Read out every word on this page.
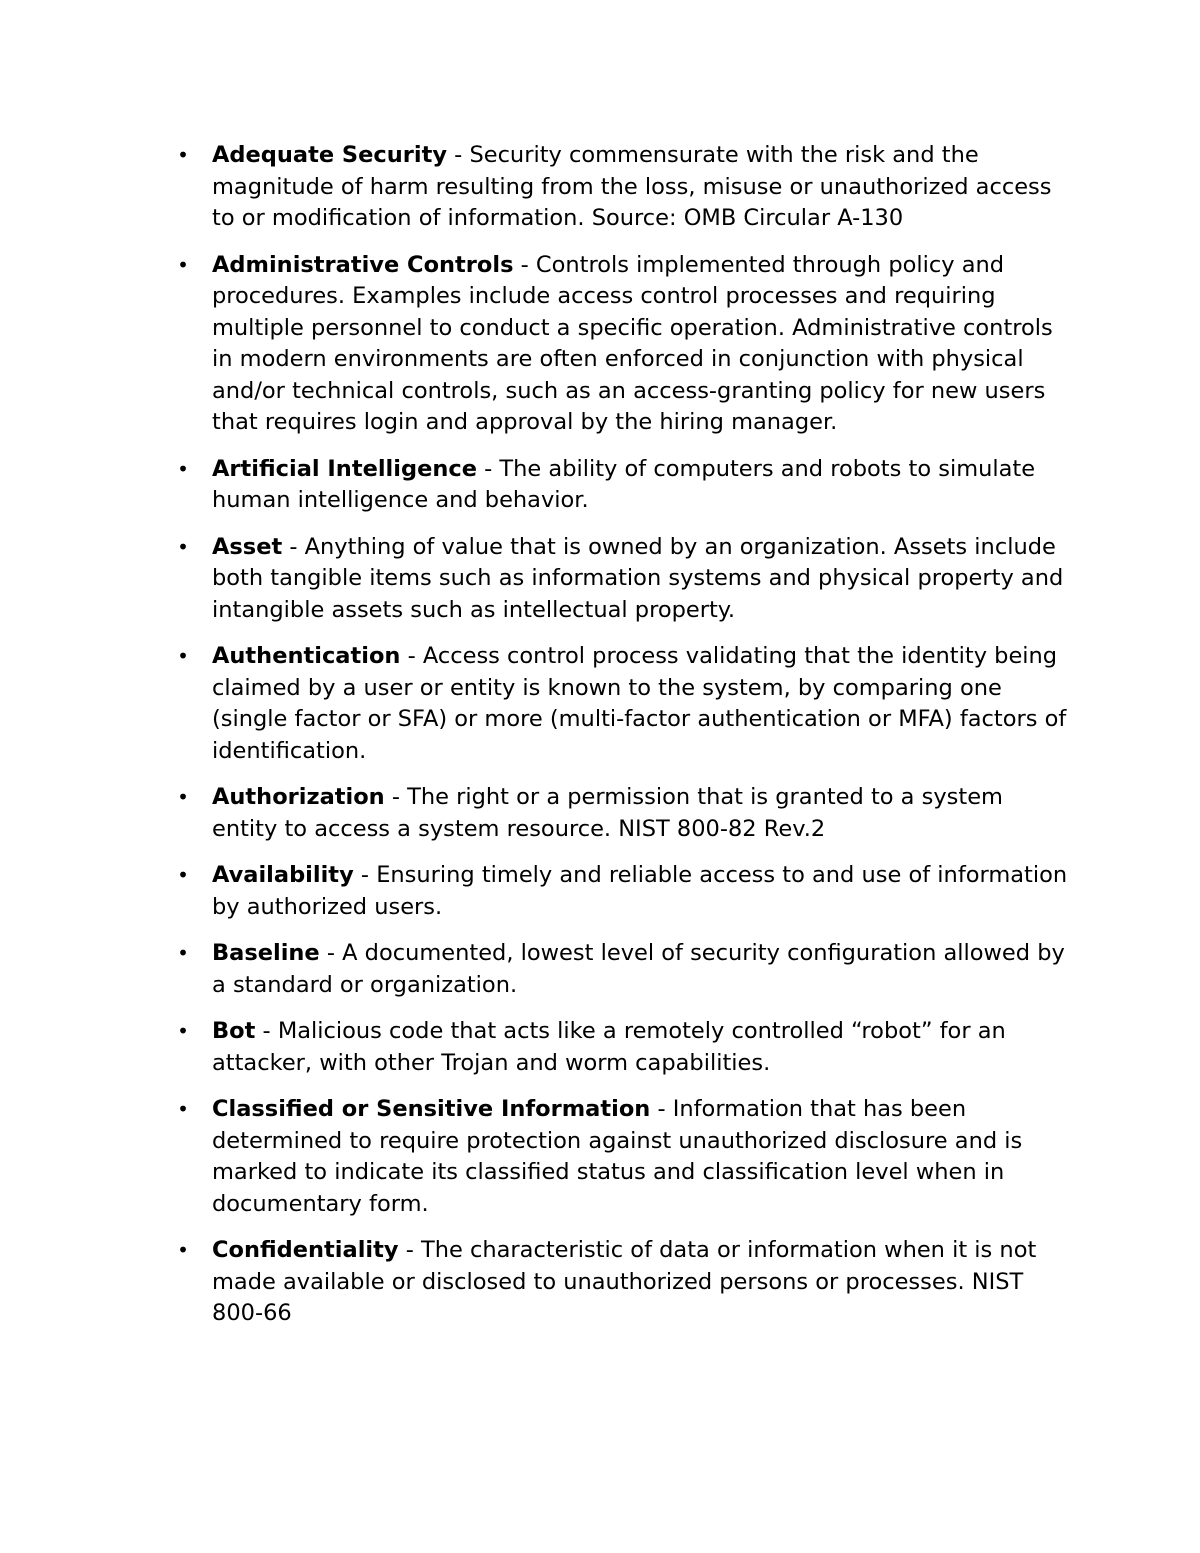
• Adequate Security - Security commensurate with the risk and the magnitude of harm resulting from the loss, misuse or unauthorized access to or modification of information. Source: OMB Circular A-130
• Administrative Controls - Controls implemented through policy and procedures. Examples include access control processes and requiring multiple personnel to conduct a specific operation. Administrative controls in modern environments are often enforced in conjunction with physical and/or technical controls, such as an access-granting policy for new users that requires login and approval by the hiring manager.
• Artificial Intelligence - The ability of computers and robots to simulate human intelligence and behavior.
• Asset - Anything of value that is owned by an organization. Assets include both tangible items such as information systems and physical property and intangible assets such as intellectual property.
• Authentication - Access control process validating that the identity being claimed by a user or entity is known to the system, by comparing one (single factor or SFA) or more (multi-factor authentication or MFA) factors of identification.
• Authorization - The right or a permission that is granted to a system entity to access a system resource. NIST 800-82 Rev.2
• Availability - Ensuring timely and reliable access to and use of information by authorized users.
• Baseline - A documented, lowest level of security configuration allowed by a standard or organization.
• Bot - Malicious code that acts like a remotely controlled “robot” for an attacker, with other Trojan and worm capabilities.
• Classified or Sensitive Information - Information that has been determined to require protection against unauthorized disclosure and is marked to indicate its classified status and classification level when in documentary form.
• Confidentiality - The characteristic of data or information when it is not made available or disclosed to unauthorized persons or processes. NIST 800-66
